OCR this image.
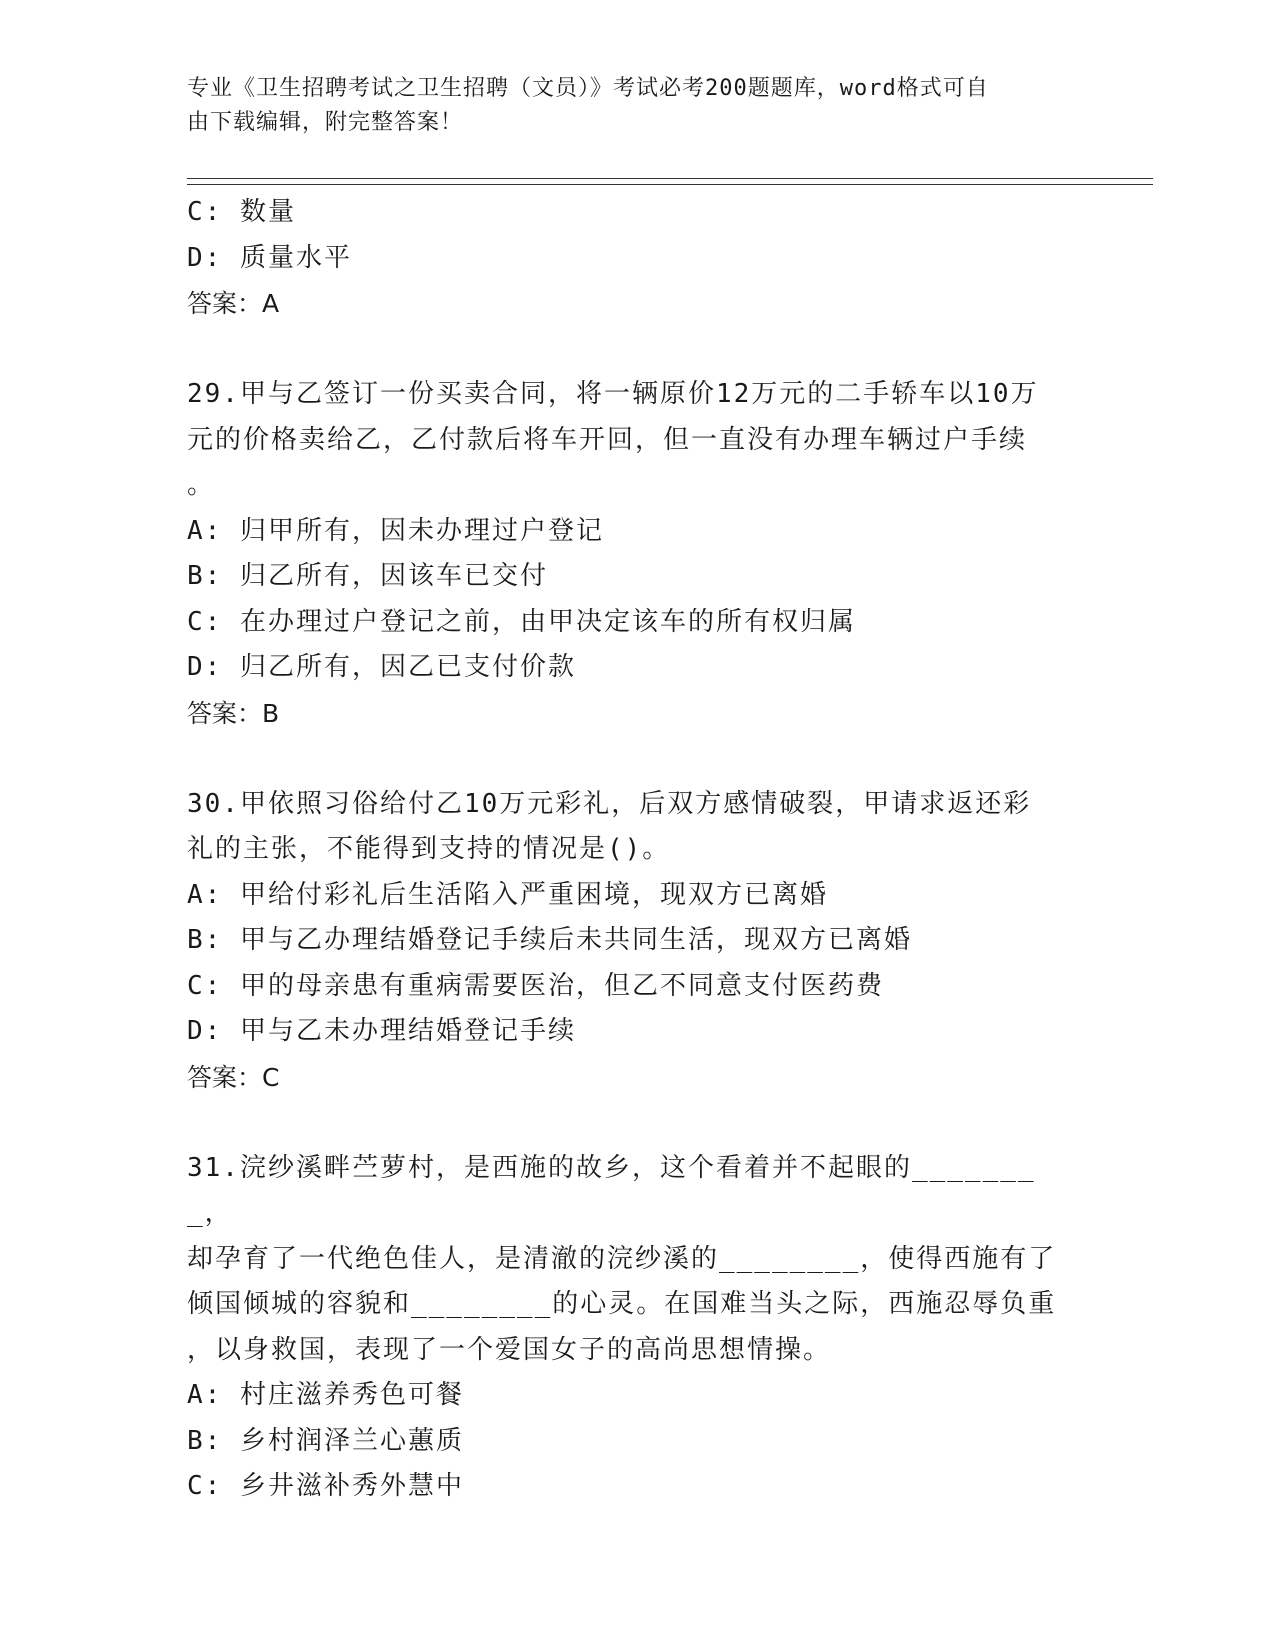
专业《卫生招聘考试之卫生招聘（文员）》考试必考200题题库，word格式可自
由下载编辑，附完整答案！
C: 数量
D: 质量水平
答案：A
29.甲与乙签订一份买卖合同，将一辆原价12万元的二手轿车以10万
元的价格卖给乙，乙付款后将车开回，但一直没有办理车辆过户手续
。
A: 归甲所有，因未办理过户登记
B: 归乙所有，因该车已交付
C: 在办理过户登记之前，由甲决定该车的所有权归属
D: 归乙所有，因乙已支付价款
答案：B
30.甲依照习俗给付乙10万元彩礼，后双方感情破裂，甲请求返还彩
礼的主张，不能得到支持的情况是()。
A: 甲给付彩礼后生活陷入严重困境，现双方已离婚
B: 甲与乙办理结婚登记手续后未共同生活，现双方已离婚
C: 甲的母亲患有重病需要医治，但乙不同意支付医药费
D: 甲与乙未办理结婚登记手续
答案：C
31.浣纱溪畔苎萝村，是西施的故乡，这个看着并不起眼的________，
却孕育了一代绝色佳人，是清澈的浣纱溪的________，使得西施有了
倾国倾城的容貌和________的心灵。在国难当头之际，西施忍辱负重
，以身救国，表现了一个爱国女子的高尚思想情操。
A: 村庄滋养秀色可餐
B: 乡村润泽兰心蕙质
C: 乡井滋补秀外慧中
